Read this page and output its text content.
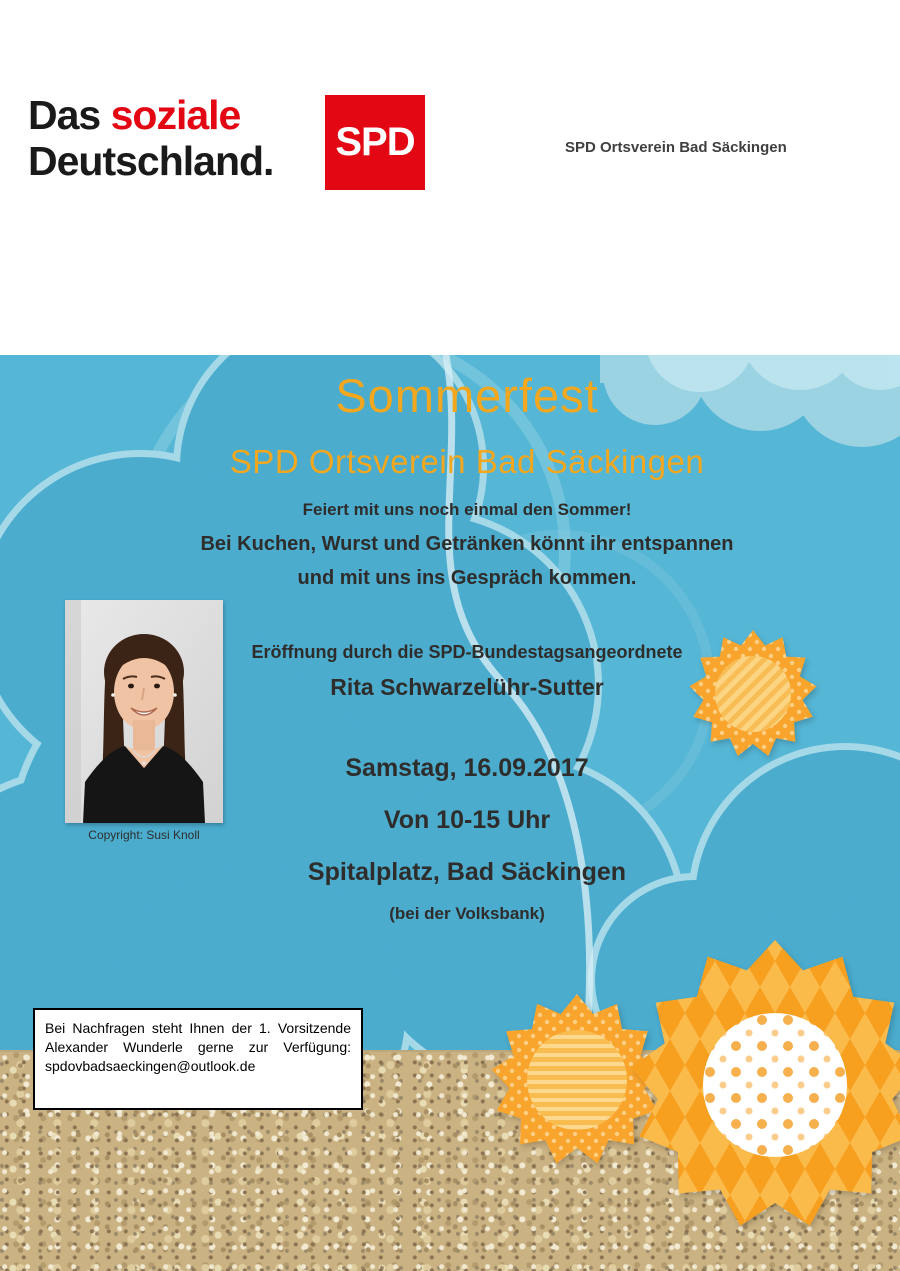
Das soziale
Deutschland. SPD	SPD Ortsverein Bad Säckingen
Sommerfest
SPD Ortsverein Bad Säckingen
Feiert mit uns noch einmal den Sommer!
Bei Kuchen, Wurst und Getränken könnt ihr entspannen
und mit uns ins Gespräch kommen.
Eröffnung durch die SPD-Bundestagsangeordnete
Rita Schwarzelühr-Sutter
Samstag, 16.09.2017
Von 10-15 Uhr
Spitalplatz, Bad Säckingen
(bei der Volksbank)
Copyright: Susi Knoll

Bei Nachfragen steht Ihnen der 1. Vorsitzende Alexander Wunderle gerne zur Verfügung: spdovbadsaeckingen@outlook.de
